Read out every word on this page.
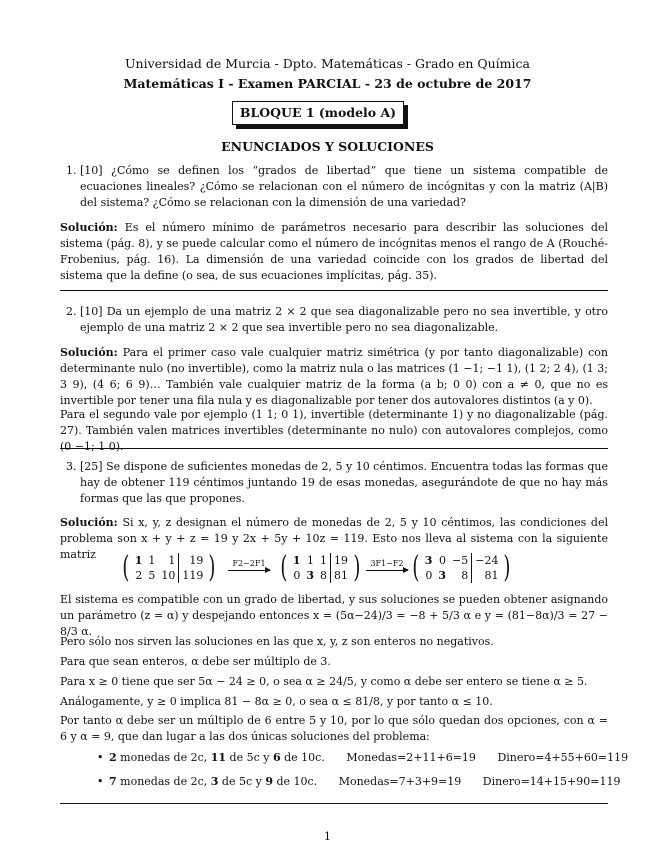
Universidad de Murcia - Dpto. Matemáticas - Grado en Química
Matemáticas I - Examen PARCIAL - 23 de octubre de 2017
BLOQUE 1 (modelo A)
ENUNCIADOS Y SOLUCIONES
1. [10] ¿Cómo se definen los “grados de libertad” que tiene un sistema compatible de ecuaciones lineales? ¿Cómo se relacionan con el número de incógnitas y con la matriz (A|B) del sistema? ¿Cómo se relacionan con la dimensión de una variedad?
Solución: Es el número mínimo de parámetros necesario para describir las soluciones del sistema (pág. 8), y se puede calcular como el número de incógnitas menos el rango de A (Rouché-Frobenius, pág. 16). La dimensión de una variedad coincide con los grados de libertad del sistema que la define (o sea, de sus ecuaciones implícitas, pág. 35).
2. [10] Da un ejemplo de una matriz 2 × 2 que sea diagonalizable pero no sea invertible, y otro ejemplo de una matriz 2 × 2 que sea invertible pero no sea diagonalizable.
Solución: Para el primer caso vale cualquier matriz simétrica (y por tanto diagonalizable) con determinante nulo (no invertible), como la matriz nula o las matrices (1 −1; −1 1), (1 2; 2 4), (1 3; 3 9), (4 6; 6 9)… También vale cualquier matriz de la forma (a b; 0 0) con a ≠ 0, que no es invertible por tener una fila nula y es diagonalizable por tener dos autovalores distintos (a y 0).
Para el segundo vale por ejemplo (1 1; 0 1), invertible (determinante 1) y no diagonalizable (pág. 27). También valen matrices invertibles (determinante no nulo) con autovalores complejos, como (0 −1; 1 0).
3. [25] Se dispone de suficientes monedas de 2, 5 y 10 céntimos. Encuentra todas las formas que hay de obtener 119 céntimos juntando 19 de esas monedas, asegurándote de que no hay más formas que las que propones.
Solución: Si x, y, z designan el número de monedas de 2, 5 y 10 céntimos, las condiciones del problema son x + y + z = 19 y 2x + 5y + 10z = 119. Esto nos lleva al sistema con la siguiente matriz ( 1	1	1	19
2	5	10	119 )	F2−2F1 ( 1	1	1	19
0	3	8	81 )	3F1−F2 ( 3	0	−5	−24
0	3	8	81 )
El sistema es compatible con un grado de libertad, y sus soluciones se pueden obtener asignando un parámetro (z = α) y despejando entonces x = (5α−24)/3 = −8 + 5/3 α e y = (81−8α)/3 = 27 − 8/3 α.
Pero sólo nos sirven las soluciones en las que x, y, z son enteros no negativos.
Para que sean enteros, α debe ser múltiplo de 3.
Para x ≥ 0 tiene que ser 5α − 24 ≥ 0, o sea α ≥ 24/5, y como α debe ser entero se tiene α ≥ 5.
Análogamente, y ≥ 0 implica 81 − 8α ≥ 0, o sea α ≤ 81/8, y por tanto α ≤ 10.
Por tanto α debe ser un múltiplo de 6 entre 5 y 10, por lo que sólo quedan dos opciones, con α = 6 y α = 9, que dan lugar a las dos únicas soluciones del problema:
• 2 monedas de 2c, 11 de 5c y 6 de 10c. Monedas=2+11+6=19 Dinero=4+55+60=119
• 7 monedas de 2c, 3 de 5c y 9 de 10c. Monedas=7+3+9=19 Dinero=14+15+90=119
1
